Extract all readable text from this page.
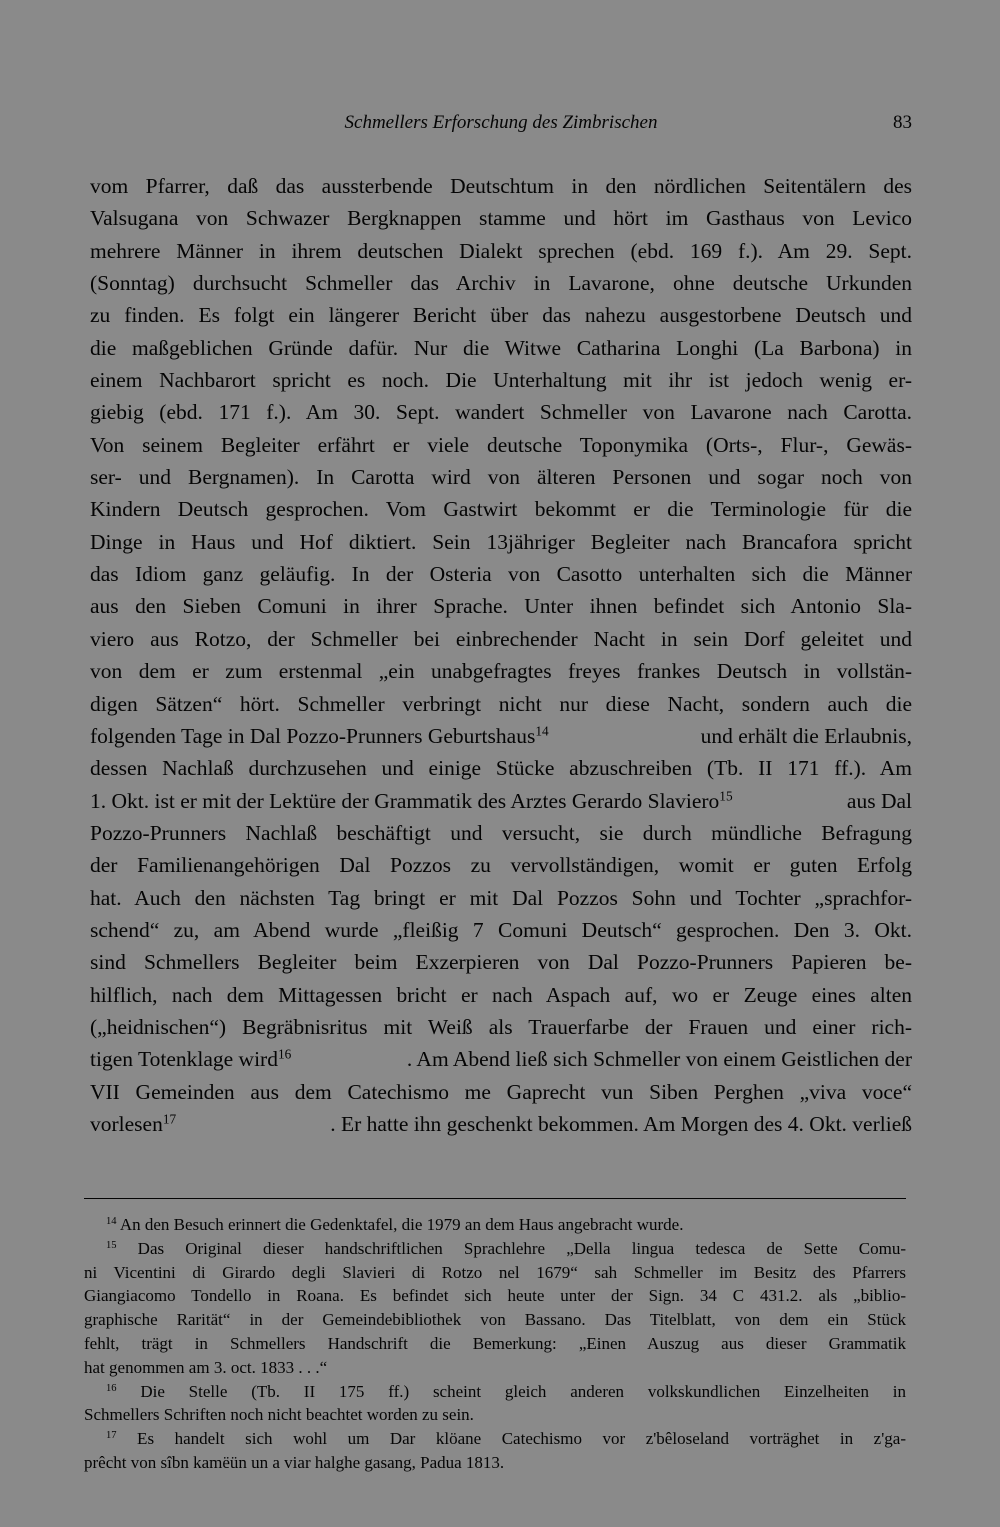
Schmellers Erforschung des Zimbrischen	83
vom Pfarrer, daß das aussterbende Deutschtum in den nördlichen Seitentälern des
Valsugana von Schwazer Bergknappen stamme und hört im Gasthaus von Levico
mehrere Männer in ihrem deutschen Dialekt sprechen (ebd. 169 f.). Am 29. Sept.
(Sonntag) durchsucht Schmeller das Archiv in Lavarone, ohne deutsche Urkunden
zu finden. Es folgt ein längerer Bericht über das nahezu ausgestorbene Deutsch und
die maßgeblichen Gründe dafür. Nur die Witwe Catharina Longhi (La Barbona) in
einem Nachbarort spricht es noch. Die Unterhaltung mit ihr ist jedoch wenig er-
giebig (ebd. 171 f.). Am 30. Sept. wandert Schmeller von Lavarone nach Carotta.
Von seinem Begleiter erfährt er viele deutsche Toponymika (Orts-, Flur-, Gewäs-
ser- und Bergnamen). In Carotta wird von älteren Personen und sogar noch von
Kindern Deutsch gesprochen. Vom Gastwirt bekommt er die Terminologie für die
Dinge in Haus und Hof diktiert. Sein 13jähriger Begleiter nach Brancafora spricht
das Idiom ganz geläufig. In der Osteria von Casotto unterhalten sich die Männer
aus den Sieben Comuni in ihrer Sprache. Unter ihnen befindet sich Antonio Sla-
viero aus Rotzo, der Schmeller bei einbrechender Nacht in sein Dorf geleitet und
von dem er zum erstenmal „ein unabgefragtes freyes frankes Deutsch in vollstän-
digen Sätzen“ hört. Schmeller verbringt nicht nur diese Nacht, sondern auch die
folgenden Tage in Dal Pozzo-Prunners Geburtshaus$^{14}$	und erhält die Erlaubnis,
dessen Nachlaß durchzusehen und einige Stücke abzuschreiben (Tb. II 171 ff.). Am
1. Okt. ist er mit der Lektüre der Grammatik des Arztes Gerardo Slaviero$^{15}$	aus Dal
Pozzo-Prunners Nachlaß beschäftigt und versucht, sie durch mündliche Befragung
der Familienangehörigen Dal Pozzos zu vervollständigen, womit er guten Erfolg
hat. Auch den nächsten Tag bringt er mit Dal Pozzos Sohn und Tochter „sprachfor-
schend“ zu, am Abend wurde „fleißig 7 Comuni Deutsch“ gesprochen. Den 3. Okt.
sind Schmellers Begleiter beim Exzerpieren von Dal Pozzo-Prunners Papieren be-
hilflich, nach dem Mittagessen bricht er nach Aspach auf, wo er Zeuge eines alten
(„heidnischen“) Begräbnisritus mit Weiß als Trauerfarbe der Frauen und einer rich-
tigen Totenklage wird$^{16}$	. Am Abend ließ sich Schmeller von einem Geistlichen der
VII Gemeinden aus dem Catechismo me Gaprecht vun Siben Perghen „viva voce“
vorlesen$^{17}$	. Er hatte ihn geschenkt bekommen. Am Morgen des 4. Okt. verließ
$^{14}$ An den Besuch erinnert die Gedenktafel, die 1979 an dem Haus angebracht wurde.
$^{15}$ Das Original dieser handschriftlichen Sprachlehre „Della lingua tedesca de Sette Comu-
ni Vicentini di Girardo degli Slavieri di Rotzo nel 1679“ sah Schmeller im Besitz des Pfarrers
Giangiacomo Tondello in Roana. Es befindet sich heute unter der Sign. 34 C 431.2. als „biblio-
graphische Rarität“ in der Gemeindebibliothek von Bassano. Das Titelblatt, von dem ein Stück
fehlt, trägt in Schmellers Handschrift die Bemerkung: „Einen Auszug aus dieser Grammatik
hat genommen am 3. oct. 1833 . . .“
$^{16}$ Die Stelle (Tb. II 175 ff.) scheint gleich anderen volkskundlichen Einzelheiten in
Schmellers Schriften noch nicht beachtet worden zu sein.
$^{17}$ Es handelt sich wohl um Dar klöane Catechismo vor z'bêloseland vorträghet in z'ga-
prêcht von sîbn kamëün un a viar halghe gasang, Padua 1813.
